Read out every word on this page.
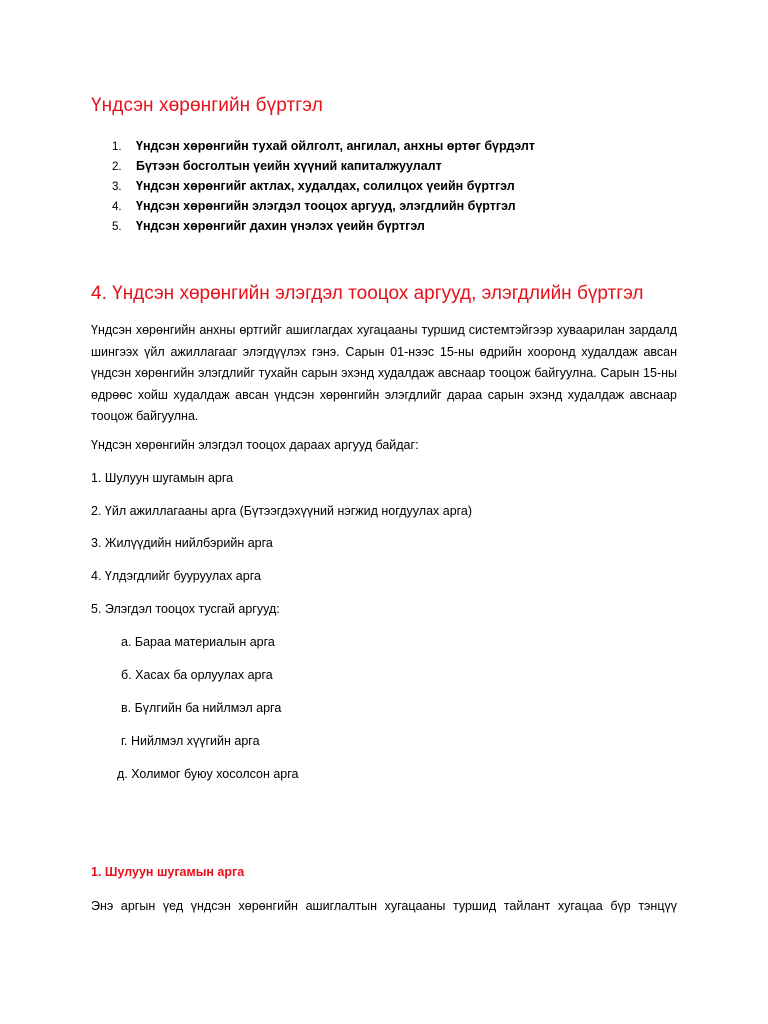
Үндсэн хөрөнгийн бүртгэл
1. Үндсэн хөрөнгийн тухай ойлголт, ангилал, анхны өртөг бүрдэлт
2. Бүтээн босголтын үеийн хүүний капиталжуулалт
3. Үндсэн хөрөнгийг актлах, худалдах, солилцох үеийн бүртгэл
4. Үндсэн хөрөнгийн элэгдэл тооцох аргууд, элэгдлийн бүртгэл
5. Үндсэн хөрөнгийг дахин үнэлэх үеийн бүртгэл
4. Үндсэн хөрөнгийн элэгдэл тооцох аргууд, элэгдлийн бүртгэл

Үндсэн хөрөнгийн анхны өртгийг ашиглагдах хугацааны туршид системтэйгээр хуваарилан зардалд шингээх үйл ажиллагааг элэгдүүлэх гэнэ. Сарын 01-нээс 15-ны өдрийн хооронд худалдаж авсан үндсэн хөрөнгийн элэгдлийг тухайн сарын эхэнд худалдаж авснаар тооцож байгуулна. Сарын 15-ны өдрөөс хойш худалдаж авсан үндсэн хөрөнгийн элэгдлийг дараа сарын эхэнд худалдаж авснаар тооцож байгуулна.

Үндсэн хөрөнгийн элэгдэл тооцох дараах аргууд байдаг:

1. Шулуун шугамын арга

2. Үйл ажиллагааны арга (Бүтээгдэхүүний нэгжид ногдуулах арга)

3. Жилүүдийн нийлбэрийн арга

4. Үлдэгдлийг бууруулах арга

5. Элэгдэл тооцох тусгай аргууд:

а. Бараа материалын арга

б. Хасах ба орлуулах арга

в. Бүлгийн ба нийлмэл арга

г. Нийлмэл хүүгийн арга

д. Холимог буюу хосолсон арга

1. Шулуун шугамын арга

Энэ аргын үед үндсэн хөрөнгийн ашиглалтын хугацааны туршид тайлант хугацаа бүр тэнцүү
